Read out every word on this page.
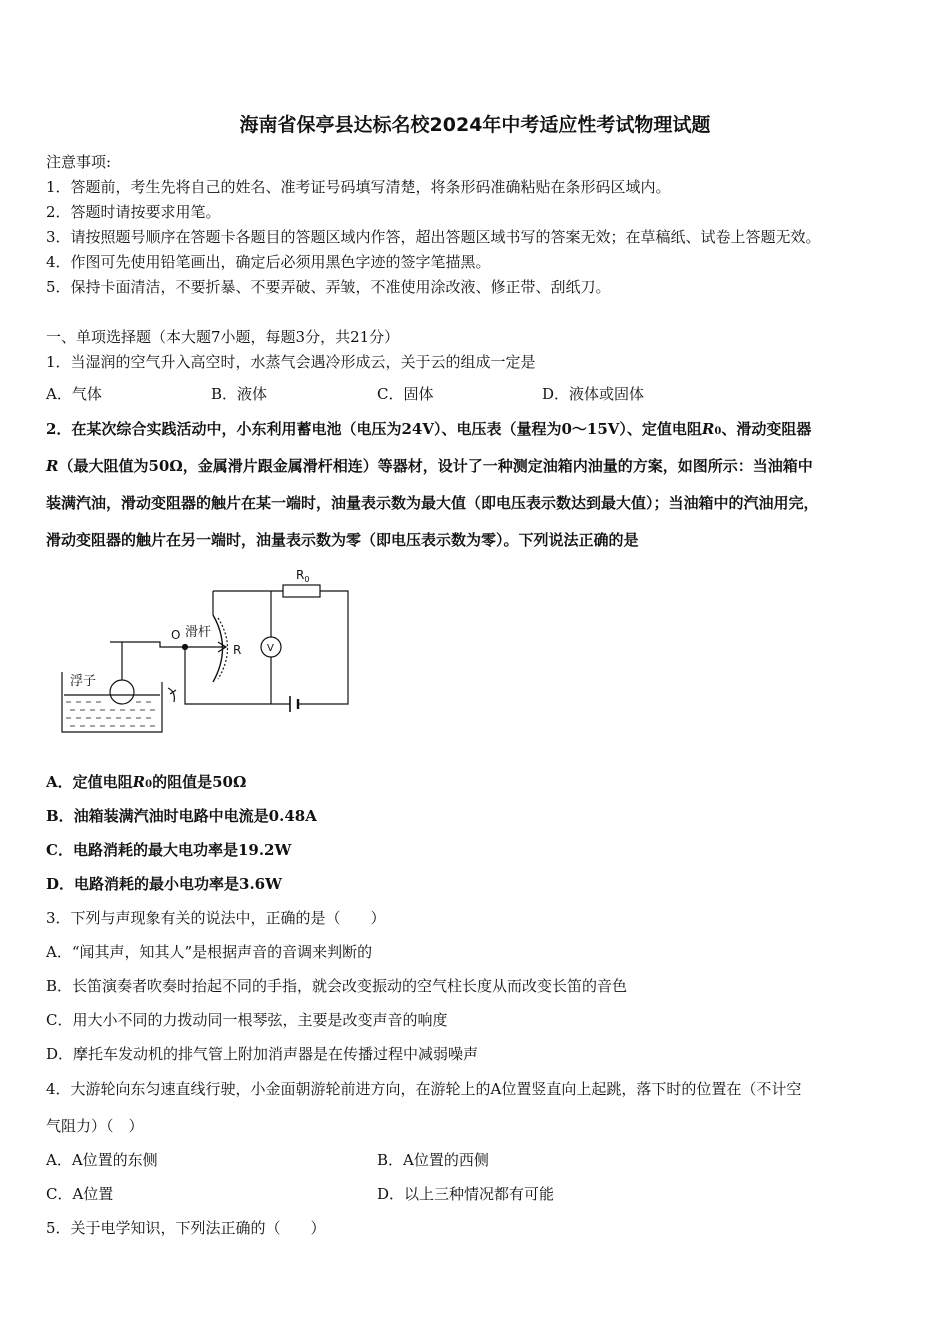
海南省保亭县达标名校2024年中考适应性考试物理试题
注意事项:
1．答题前，考生先将自己的姓名、准考证号码填写清楚，将条形码准确粘贴在条形码区域内。
2．答题时请按要求用笔。
3．请按照题号顺序在答题卡各题目的答题区域内作答，超出答题区域书写的答案无效；在草稿纸、试卷上答题无效。
4．作图可先使用铅笔画出，确定后必须用黑色字迹的签字笔描黑。
5．保持卡面清洁，不要折暴、不要弄破、弄皱，不准使用涂改液、修正带、刮纸刀。
一、单项选择题（本大题7小题，每题3分，共21分）
1．当湿润的空气升入高空时，水蒸气会遇冷形成云，关于云的组成一定是
A．气体	B．液体	C．固体	D．液体或固体
2．在某次综合实践活动中，小东利用蓄电池（电压为24V）、电压表（量程为0～15V）、定值电阻R0、滑动变阻器
R（最大阻值为50Ω，金属滑片跟金属滑杆相连）等器材，设计了一种测定油箱内油量的方案，如图所示：当油箱中
装满汽油，滑动变阻器的触片在某一端时，油量表示数为最大值（即电压表示数达到最大值）；当油箱中的汽油用完，
滑动变阻器的触片在另一端时，油量表示数为零（即电压表示数为零）。下列说法正确的是
$R_0$
O 滑杆
R	V
浮子
A．定值电阻R0的阻值是50Ω
B．油箱装满汽油时电路中电流是0.48A
C．电路消耗的最大电功率是19.2W
D．电路消耗的最小电功率是3.6W
3．下列与声现象有关的说法中，正确的是（　　）
A．“闻其声，知其人”是根据声音的音调来判断的
B．长笛演奏者吹奏时抬起不同的手指，就会改变振动的空气柱长度从而改变长笛的音色
C．用大小不同的力拨动同一根琴弦，主要是改变声音的响度
D．摩托车发动机的排气管上附加消声器是在传播过程中减弱噪声
4．大游轮向东匀速直线行驶，小金面朝游轮前进方向，在游轮上的A位置竖直向上起跳，落下时的位置在（不计空
气阻力）（　）
A．A位置的东侧	B．A位置的西侧
C．A位置	D．以上三种情况都有可能
5．关于电学知识，下列法正确的（　　）
